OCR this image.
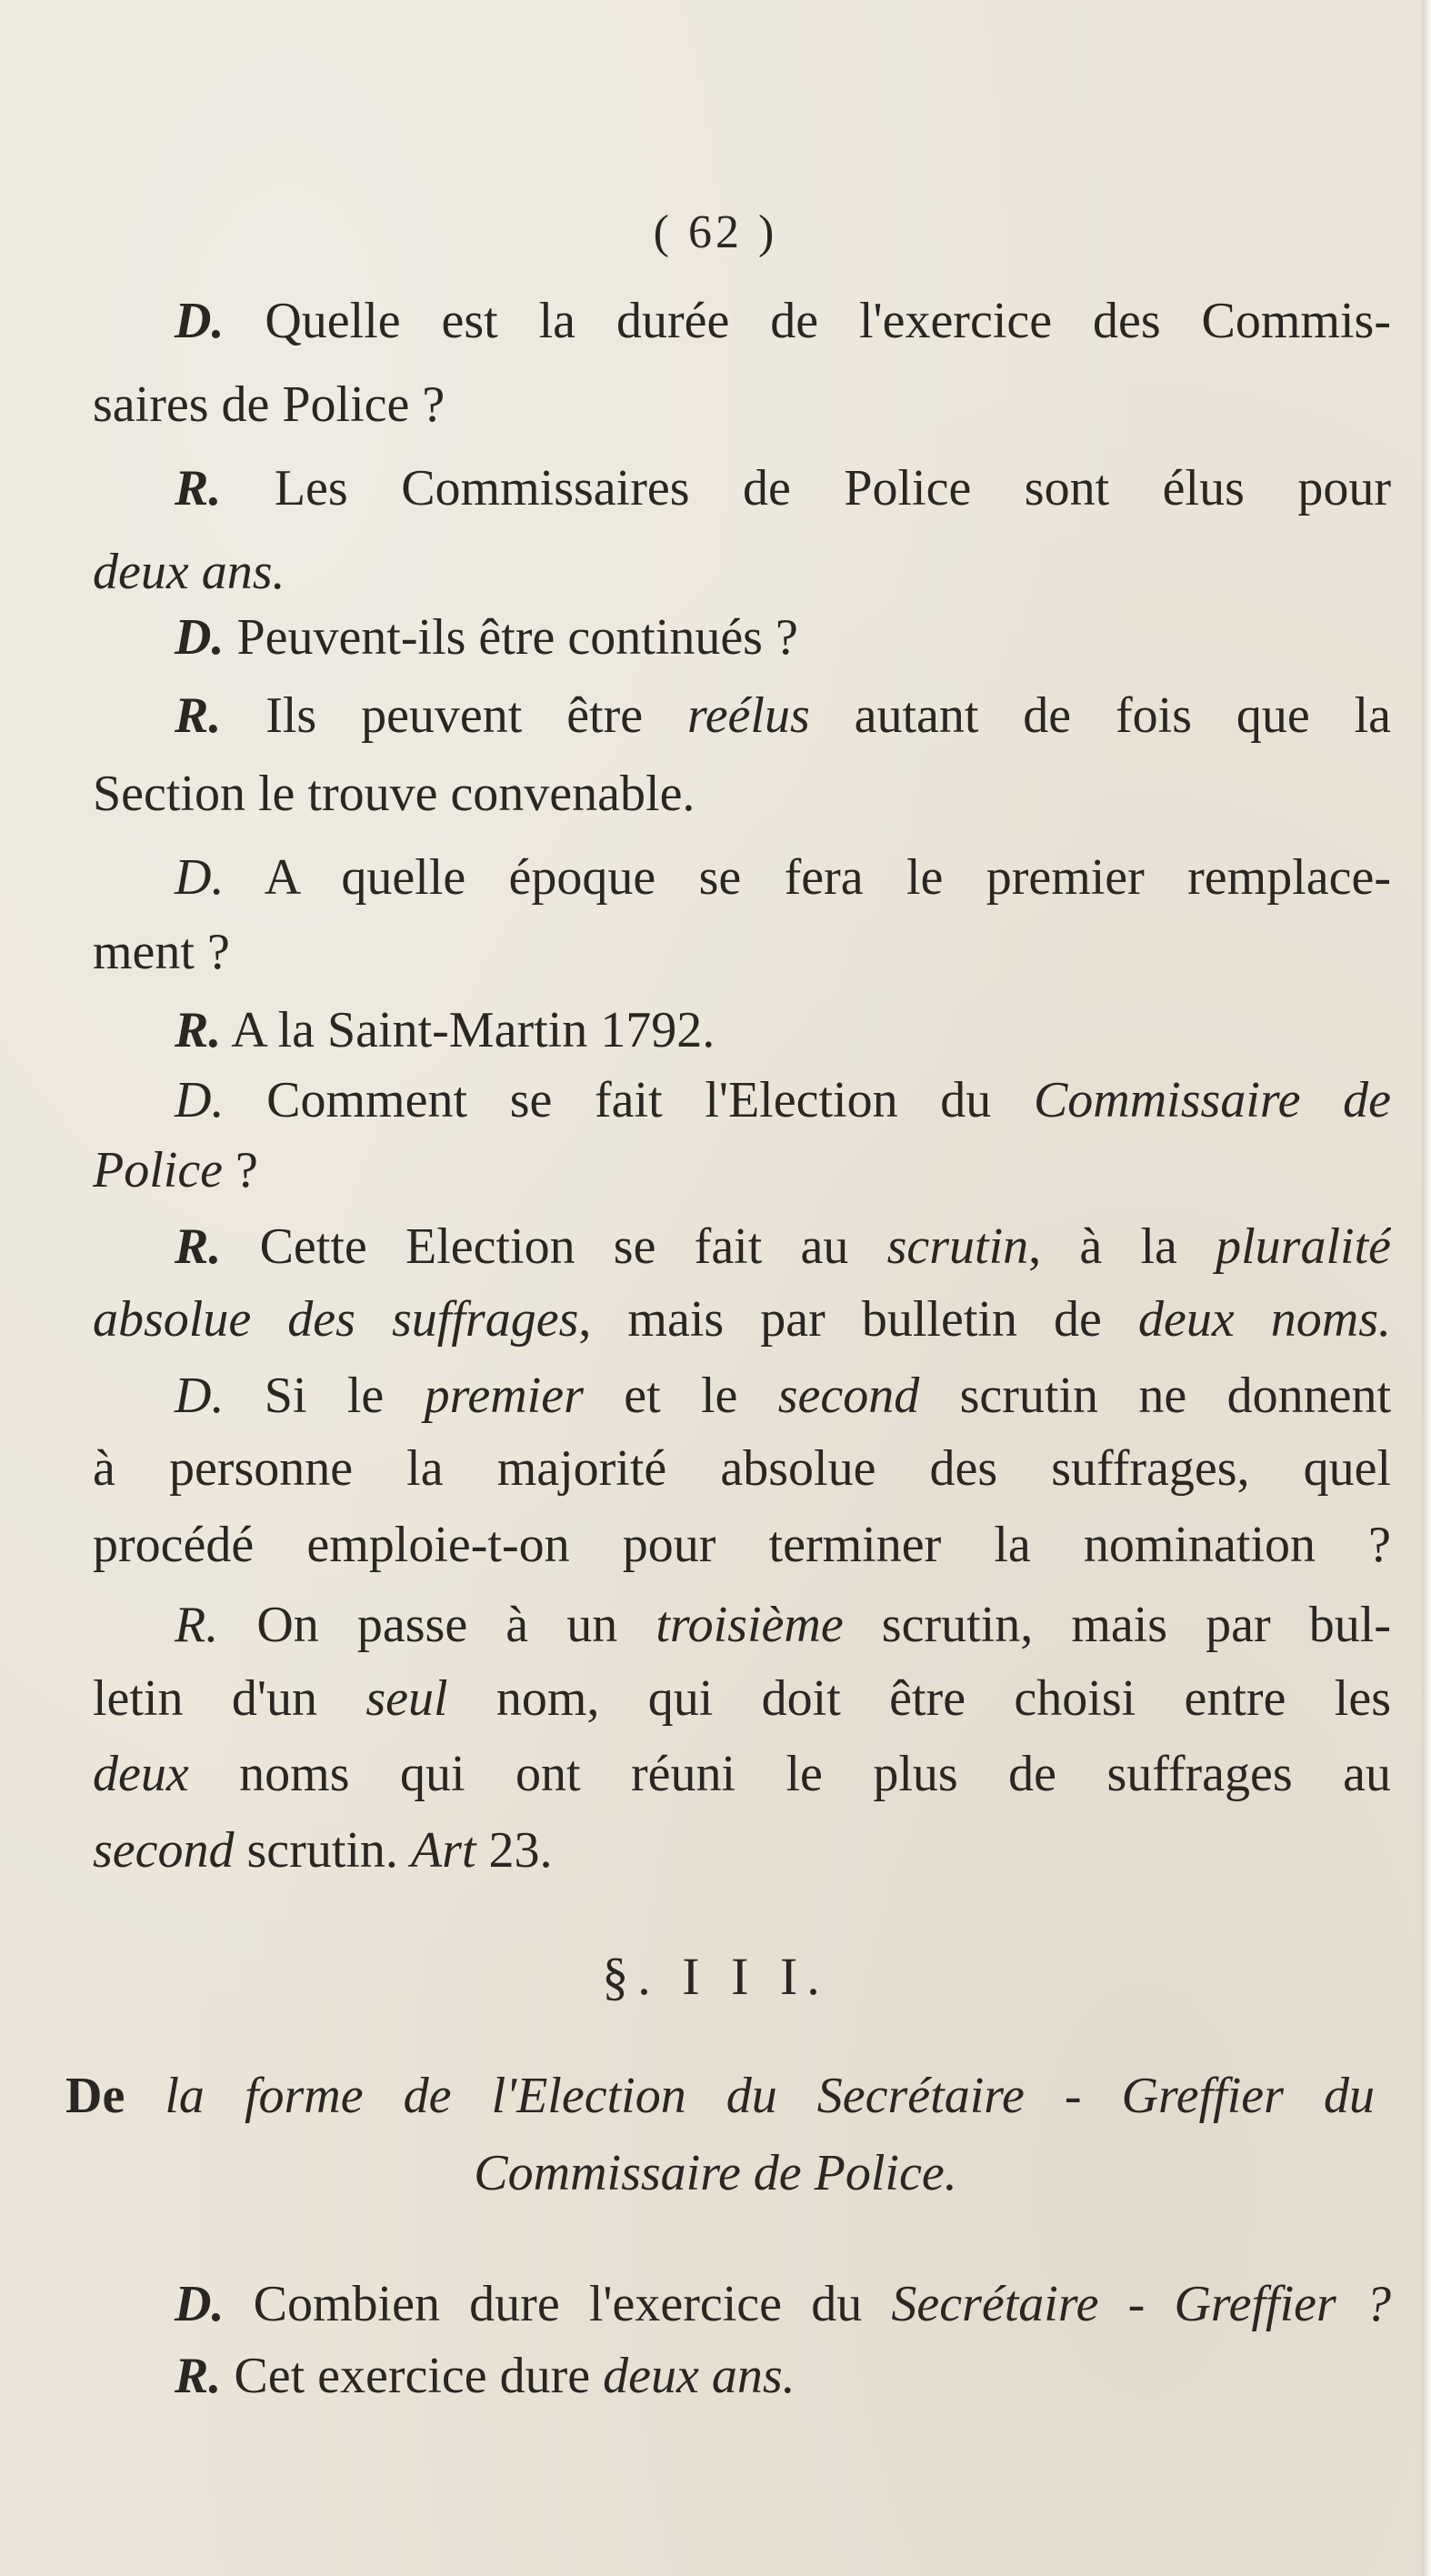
( 62 )
D. Quelle est la durée de l'exercice des Commis-
saires de Police ?
R. Les Commissaires de Police sont élus pour
deux ans.
D. Peuvent-ils être continués ?
R. Ils peuvent être reélus autant de fois que la
Section le trouve convenable.
D. A quelle époque se fera le premier remplace-
ment ?
R. A la Saint-Martin 1792.
D. Comment se fait l'Election du Commissaire de
Police ?
R. Cette Election se fait au scrutin, à la pluralité
absolue des suffrages, mais par bulletin de deux noms.
D. Si le premier et le second scrutin ne donnent
à personne la majorité absolue des suffrages, quel
procédé emploie-t-on pour terminer la nomination ?
R. On passe à un troisième scrutin, mais par bul-
letin d'un seul nom, qui doit être choisi entre les
deux noms qui ont réuni le plus de suffrages au
second scrutin. Art 23.
§. I I I.
De la forme de l'Election du Secrétaire - Greffier du
Commissaire de Police.
D. Combien dure l'exercice du Secrétaire - Greffier ?
R. Cet exercice dure deux ans.
